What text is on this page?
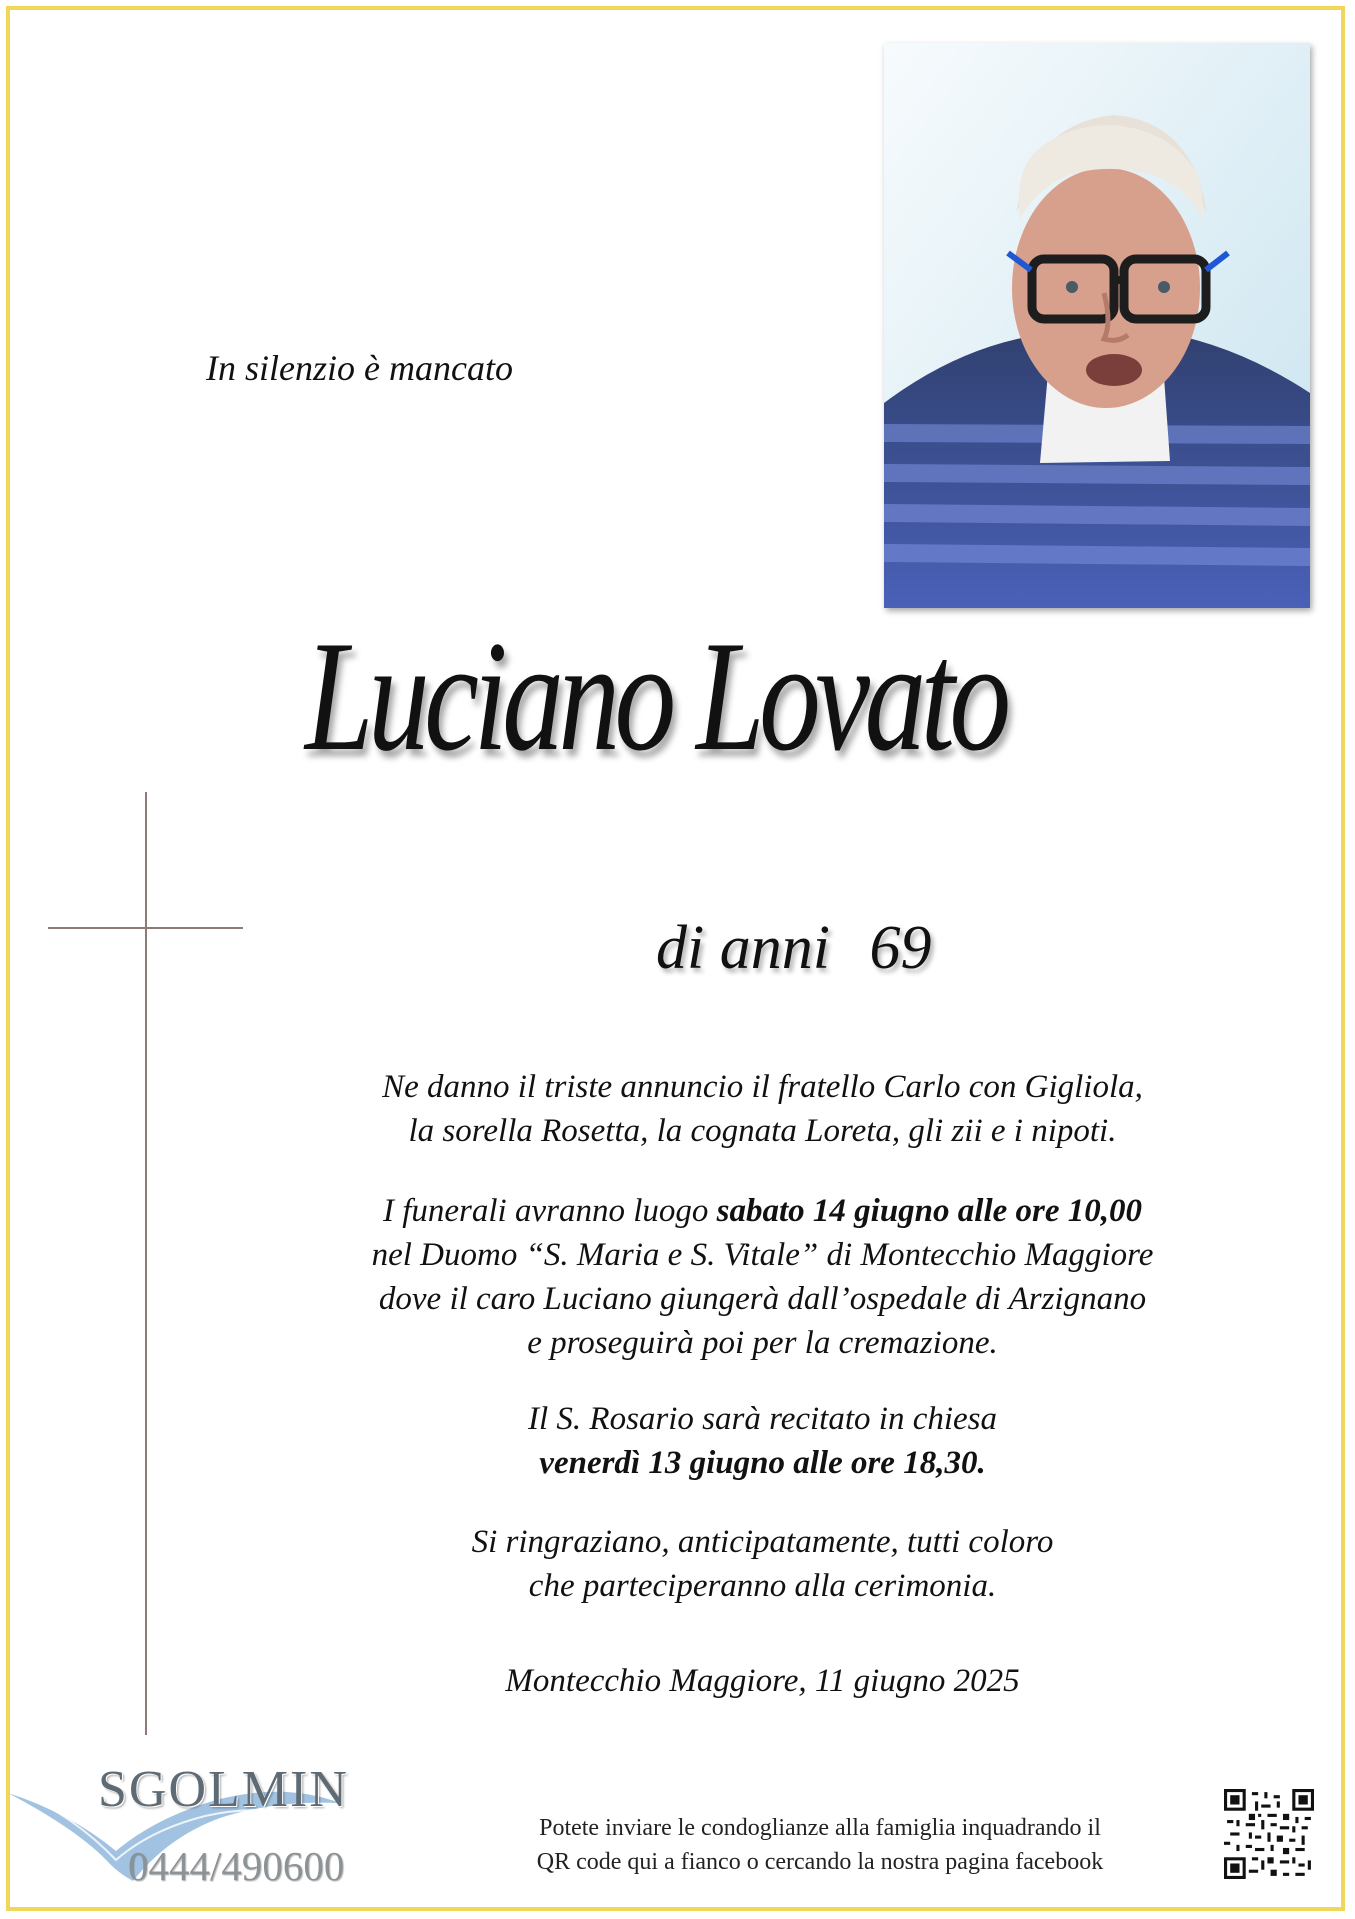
In silenzio è mancato
Luciano Lovato
di anni 69

Ne danno il triste annuncio il fratello Carlo con Gigliola,

la sorella Rosetta, la cognata Loreta, gli zii e i nipoti.

I funerali avranno luogo sabato 14 giugno alle ore 10,00

nel Duomo “S. Maria e S. Vitale” di Montecchio Maggiore

dove il caro Luciano giungerà dall’ospedale di Arzignano

e proseguirà poi per la cremazione.

Il S. Rosario sarà recitato in chiesa

venerdì 13 giugno alle ore 18,30.

Si ringraziano, anticipatamente, tutti coloro

che parteciperanno alla cerimonia.

Montecchio Maggiore, 11 giugno 2025

SGOLMIN
0444/490600

Potete inviare le condoglianze alla famiglia inquadrando il

QR code qui a fianco o cercando la nostra pagina facebook
